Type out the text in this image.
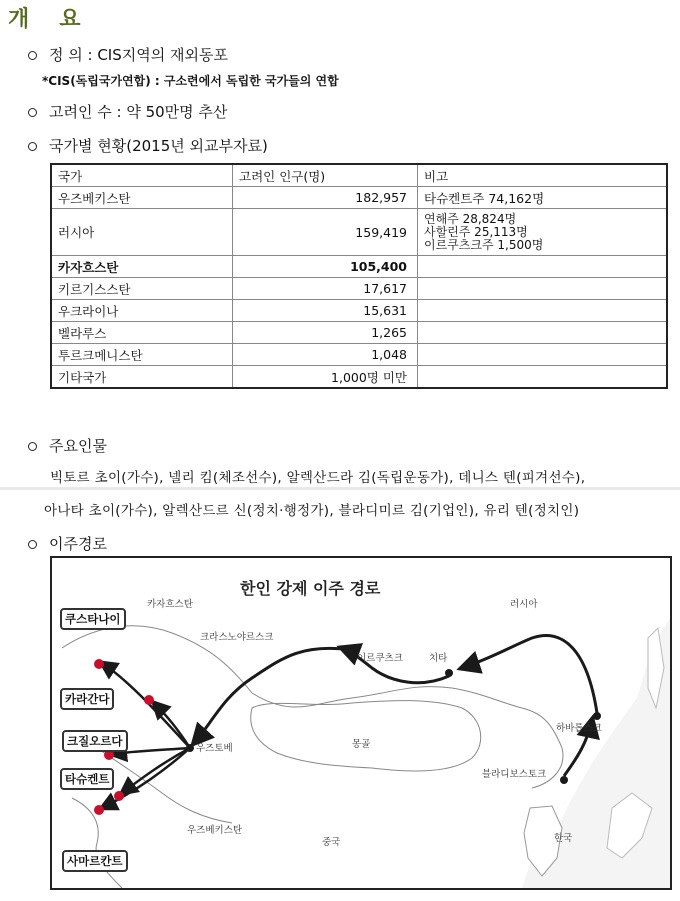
개 요
정 의 : CIS지역의 재외동포
*CIS(독립국가연합) : 구소련에서 독립한 국가들의 연합
고려인 수 : 약 50만명 추산
국가별 현황(2015년 외교부자료)
국가	고려인 인구(명)	비고
우즈베키스탄	182,957	타슈켄트주 74,162명
러시아	159,419	연해주 28,824명
사할린주 25,113명
이르쿠츠크주 1,500명

카자흐스탄	105,400	
키르기스스탄	17,617	
우크라이나	15,631	
벨라루스	1,265	
투르크메니스탄	1,048	
기타국가	1,000명 미만	
주요인물
빅토르 초이(가수), 넬리 킴(체조선수), 알렉산드라 김(독립운동가), 데니스 텐(피겨선수),
아나타 초이(가수), 알렉산드르 신(정치·행정가), 블라디미르 김(기업인), 유리 텐(정치인)
이주경로
한인 강제 이주 경로
카자흐스탄	러시아
몽골
중국
우즈베키스탄
한국
크라스노야르스크
이르쿠츠크	치타
하바롭스크
블라디보스토크
우즈토베
쿠스타나이
카라간다
크질오르다
타슈켄트
사마르칸트
